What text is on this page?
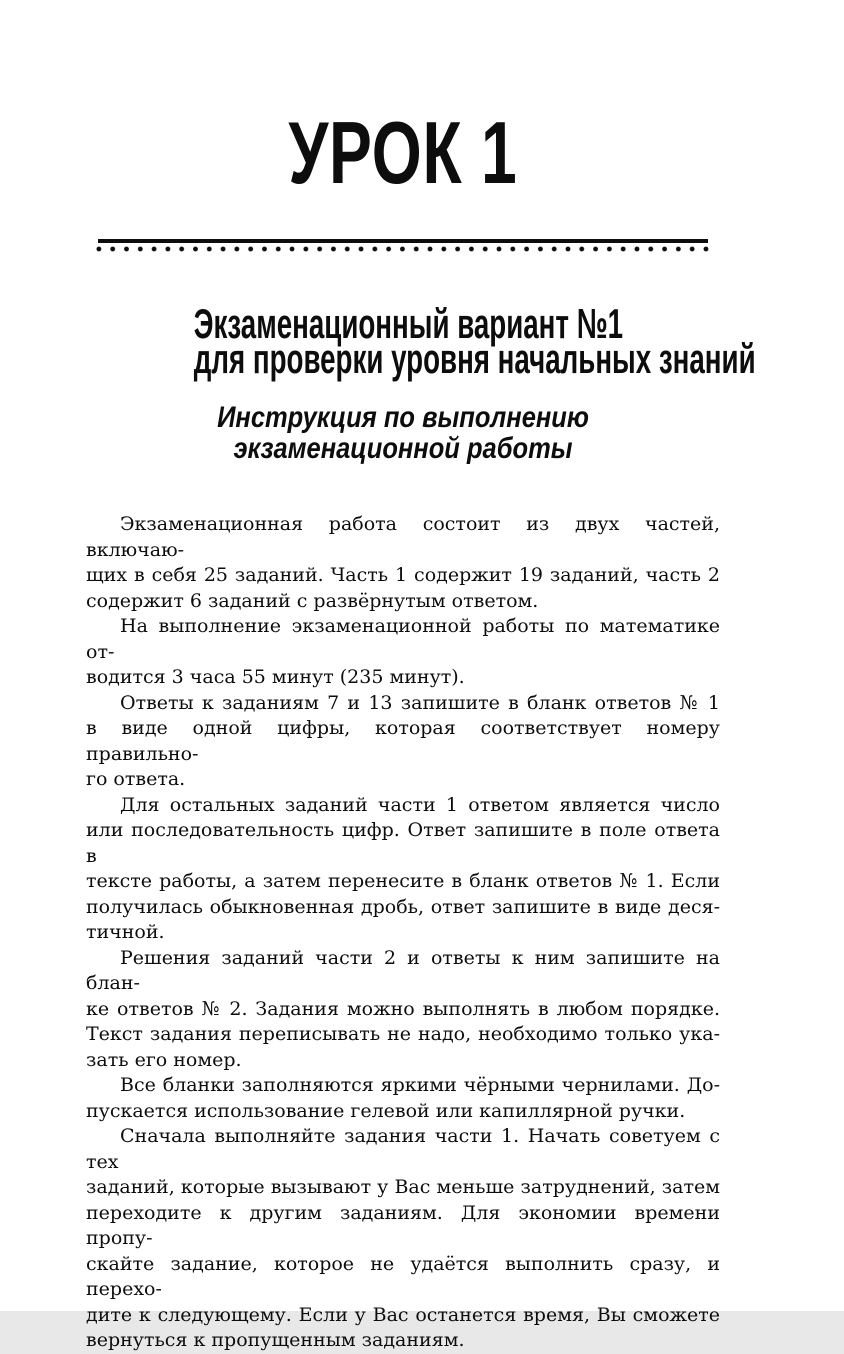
УРОК 1
Экзаменационный вариант №1
для проверки уровня начальных знаний
Инструкция по выполнению
экзаменационной работы

Экзаменационная работа состоит из двух частей, включаю-
щих в себя 25 заданий. Часть 1 содержит 19 заданий, часть 2
содержит 6 заданий с развёрнутым ответом.

На выполнение экзаменационной работы по математике от-
водится 3 часа 55 минут (235 минут).

Ответы к заданиям 7 и 13 запишите в бланк ответов № 1
в виде одной цифры, которая соответствует номеру правильно-
го ответа.

Для остальных заданий части 1 ответом является число
или последовательность цифр. Ответ запишите в поле ответа в
тексте работы, а затем перенесите в бланк ответов № 1. Если
получилась обыкновенная дробь, ответ запишите в виде деся-
тичной.

Решения заданий части 2 и ответы к ним запишите на блан-
ке ответов № 2. Задания можно выполнять в любом порядке.
Текст задания переписывать не надо, необходимо только ука-
зать его номер.

Все бланки заполняются яркими чёрными чернилами. До-
пускается использование гелевой или капиллярной ручки.

Сначала выполняйте задания части 1. Начать советуем с тех
заданий, которые вызывают у Вас меньше затруднений, затем
переходите к другим заданиям. Для экономии времени пропу-
скайте задание, которое не удаётся выполнить сразу, и перехо-
дите к следующему. Если у Вас останется время, Вы сможете
вернуться к пропущенным заданиям.
